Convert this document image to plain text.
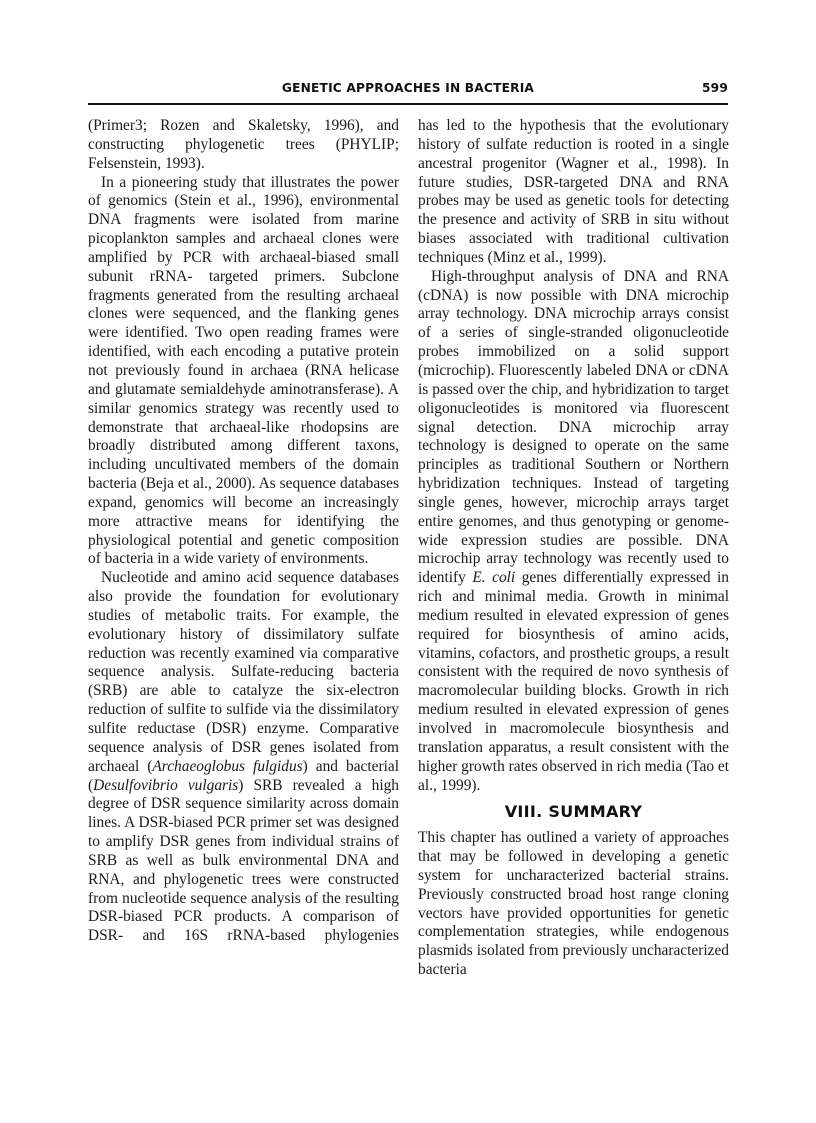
GENETIC APPROACHES IN BACTERIA	599

(Primer3; Rozen and Skaletsky, 1996), and constructing phylogenetic trees (PHYLIP; Felsenstein, 1993).

In a pioneering study that illustrates the power of genomics (Stein et al., 1996), environmental DNA fragments were isolated from marine picoplankton samples and archaeal clones were amplified by PCR with archaeal-biased small subunit rRNA- targeted primers. Subclone fragments generated from the resulting archaeal clones were sequenced, and the flanking genes were identified. Two open reading frames were identified, with each encoding a putative protein not previously found in archaea (RNA helicase and glutamate semialdehyde aminotransferase). A similar genomics strategy was recently used to demonstrate that archaeal-like rhodopsins are broadly distributed among different taxons, including uncultivated members of the domain bacteria (Beja et al., 2000). As sequence databases expand, genomics will become an increasingly more attractive means for identifying the physiological potential and genetic composition of bacteria in a wide variety of environments.

Nucleotide and amino acid sequence databases also provide the foundation for evolutionary studies of metabolic traits. For example, the evolutionary history of dissimilatory sulfate reduction was recently examined via comparative sequence analysis. Sulfate-reducing bacteria (SRB) are able to catalyze the six-electron reduction of sulfite to sulfide via the dissimilatory sulfite reductase (DSR) enzyme. Comparative sequence analysis of DSR genes isolated from archaeal (Archaeoglobus fulgidus) and bacterial (Desulfovibrio vulgaris) SRB revealed a high degree of DSR sequence similarity across domain lines. A DSR-biased PCR primer set was designed to amplify DSR genes from individual strains of SRB as well as bulk environmental DNA and RNA, and phylogenetic trees were constructed from nucleotide sequence analysis of the resulting DSR-biased PCR products. A comparison of DSR- and 16S rRNA-based phylogenies

has led to the hypothesis that the evolutionary history of sulfate reduction is rooted in a single ancestral progenitor (Wagner et al., 1998). In future studies, DSR-targeted DNA and RNA probes may be used as genetic tools for detecting the presence and activity of SRB in situ without biases associated with traditional cultivation techniques (Minz et al., 1999).

High-throughput analysis of DNA and RNA (cDNA) is now possible with DNA microchip array technology. DNA microchip arrays consist of a series of single-stranded oligonucleotide probes immobilized on a solid support (microchip). Fluorescently labeled DNA or cDNA is passed over the chip, and hybridization to target oligonucleotides is monitored via fluorescent signal detection. DNA microchip array technology is designed to operate on the same principles as traditional Southern or Northern hybridization techniques. Instead of targeting single genes, however, microchip arrays target entire genomes, and thus genotyping or genome-wide expression studies are possible. DNA microchip array technology was recently used to identify E. coli genes differentially expressed in rich and minimal media. Growth in minimal medium resulted in elevated expression of genes required for biosynthesis of amino acids, vitamins, cofactors, and prosthetic groups, a result consistent with the required de novo synthesis of macromolecular building blocks. Growth in rich medium resulted in elevated expression of genes involved in macromolecule biosynthesis and translation apparatus, a result consistent with the higher growth rates observed in rich media (Tao et al., 1999).

VIII. SUMMARY

This chapter has outlined a variety of approaches that may be followed in developing a genetic system for uncharacterized bacterial strains. Previously constructed broad host range cloning vectors have provided opportunities for genetic complementation strategies, while endogenous plasmids isolated from previously uncharacterized bacteria
